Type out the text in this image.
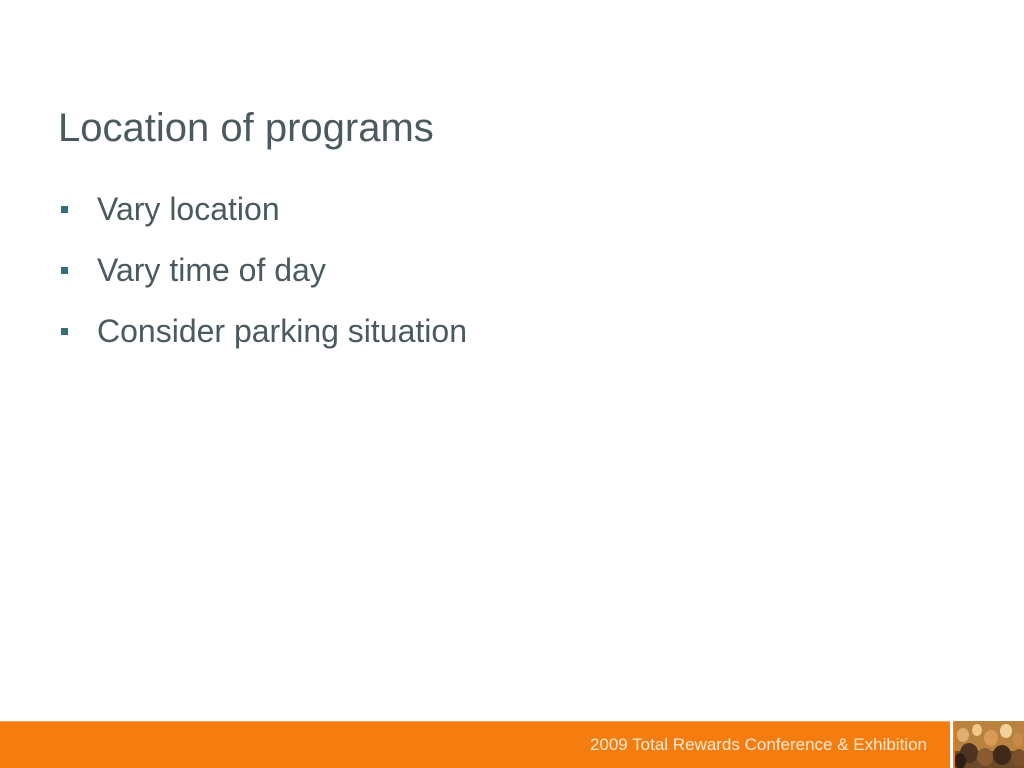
Location of programs
Vary location
Vary time of day
Consider parking situation
2009 Total Rewards Conference & Exhibition
